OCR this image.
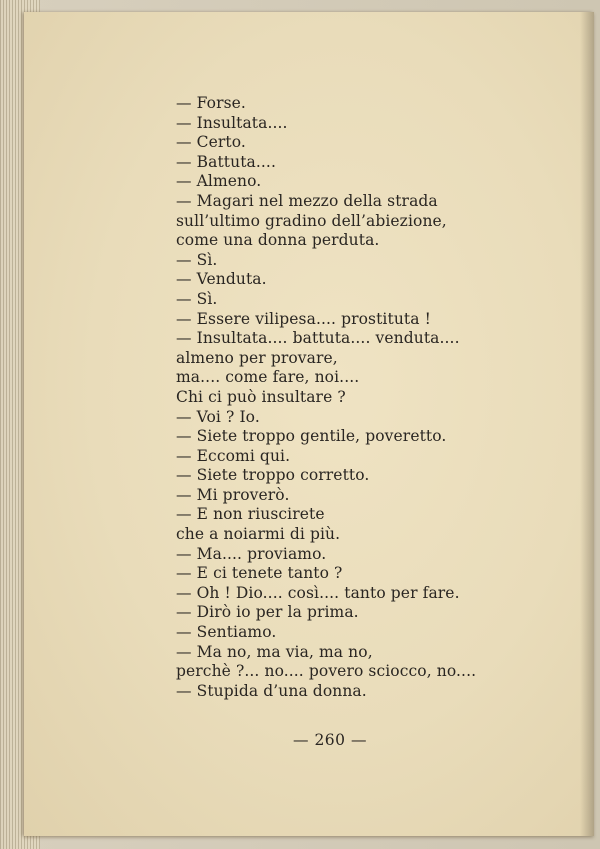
— Forse.
— Insultata....
— Certo.
— Battuta....
— Almeno.
— Magari nel mezzo della strada
sull’ultimo gradino dell’abiezione,
come una donna perduta.
— Sì.
— Venduta.
— Sì.
— Essere vilipesa.... prostituta !
— Insultata.... battuta.... venduta....
almeno per provare,
ma.... come fare, noi....
Chi ci può insultare ?
— Voi ? Io.
— Siete troppo gentile, poveretto.
— Eccomi qui.
— Siete troppo corretto.
— Mi proverò.
— E non riuscirete
che a noiarmi di più.
— Ma.... proviamo.
— E ci tenete tanto ?
— Oh ! Dio.... così.... tanto per fare.
— Dirò io per la prima.
— Sentiamo.
— Ma no, ma via, ma no,
perchè ?... no.... povero sciocco, no....
— Stupida d’una donna.
— 260 —
